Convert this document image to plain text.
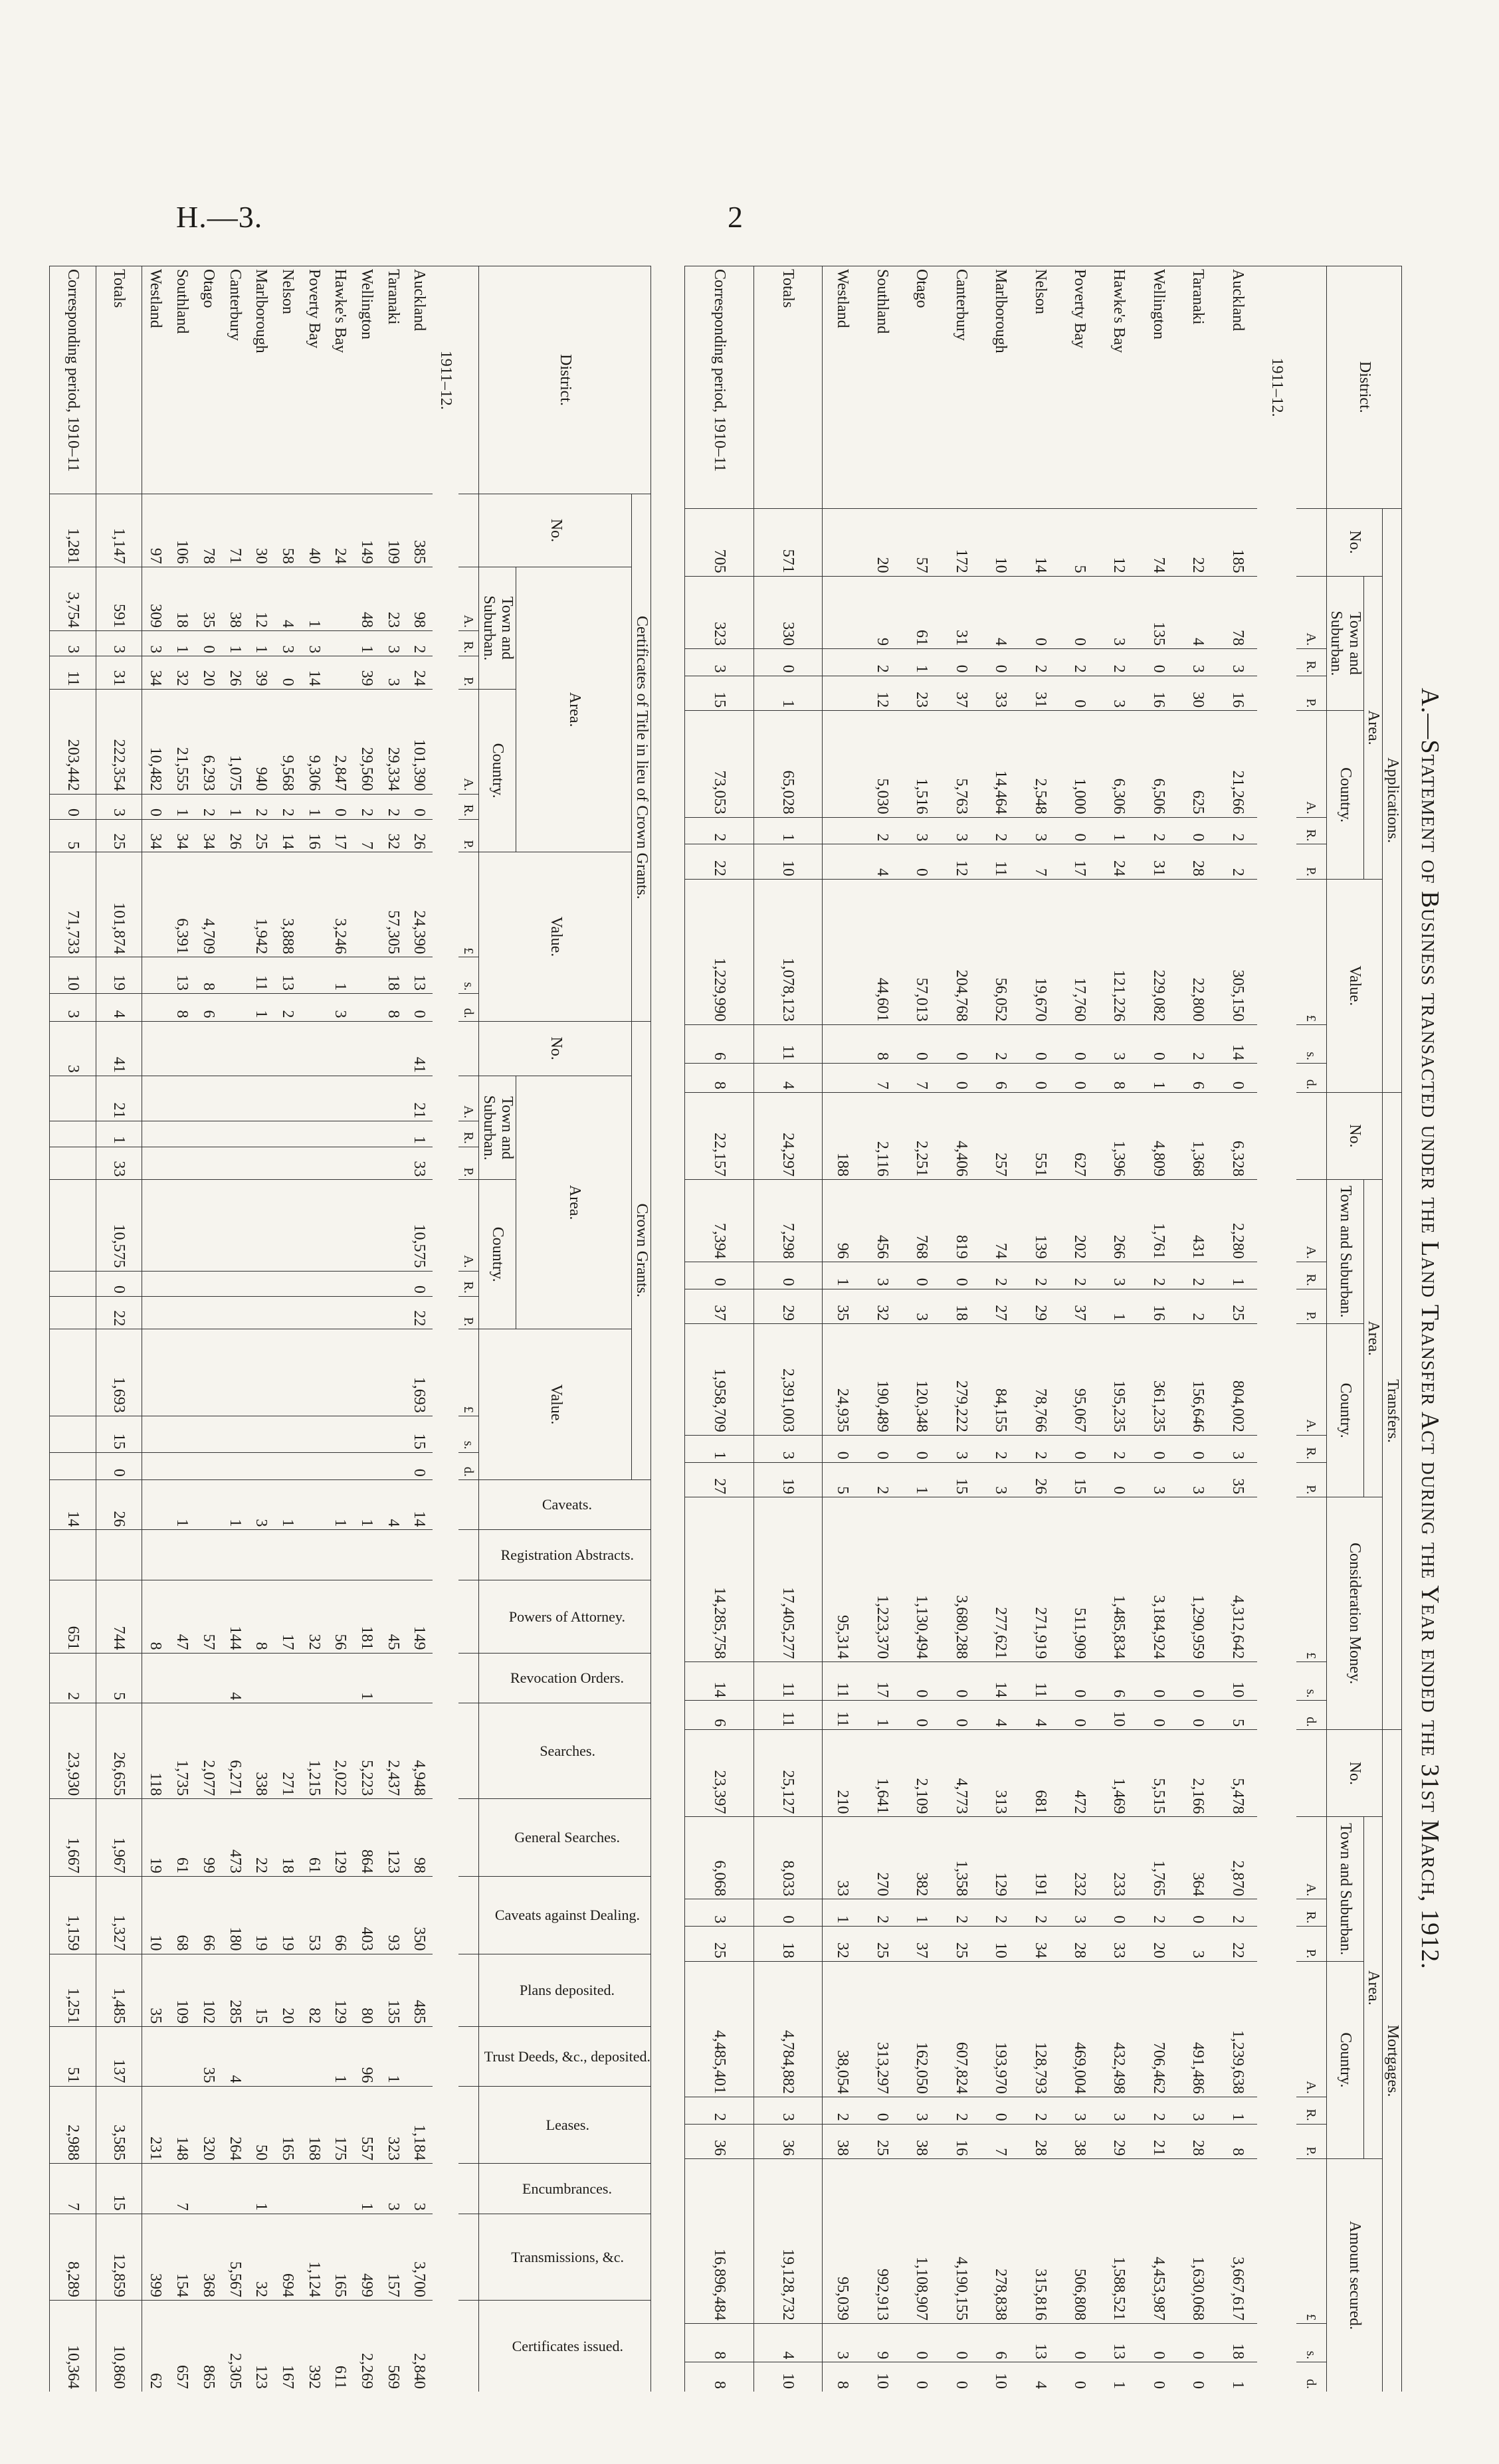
H.—3.	2
A.—Statement of Business transacted under the Land Transfer Act during the Year ended the 31st March, 1912.
District.	Applications.										Transfers.										Mortgages.									
	No.	Area.						Value.			No.	Area.						Consideration Money.			No.	Area.						Amount secured.		
		Town and Suburban.			Country.							Town and Suburban.			Country.							Town and Suburban.			Country.					
		A.	R.	P.	A.	R.	P.	£	s.	d.		A.	R.	P.	A.	R.	P.	£	s.	d.		A.	R.	P.	A.	R.	P.	£	s.	d.
1911–12.																														
Auckland	185	78	3	16	21,266	2	2	305,150	14	0	6,328	2,280	1	25	804,002	3	35	4,312,642	10	5	5,478	2,870	2	22	1,239,638	1	8	3,667,617	18	1
Taranaki	22	4	3	30	625	0	28	22,800	2	6	1,368	431	2	2	156,646	0	3	1,290,959	0	0	2,166	364	0	3	491,486	3	28	1,630,068	0	0
Wellington	74	135	0	16	6,506	2	31	229,082	0	1	4,809	1,761	2	16	361,235	0	3	3,184,924	0	0	5,515	1,765	2	20	706,462	2	21	4,453,987	0	0
Hawke's Bay	12	3	2	3	6,306	1	24	121,226	3	8	1,396	266	3	1	195,235	2	0	1,485,834	6	10	1,469	233	0	33	432,498	3	29	1,588,521	13	1
Poverty Bay	5	0	2	0	1,000	0	17	17,760	0	0	627	202	2	37	95,067	0	15	511,909	0	0	472	232	3	28	469,004	3	38	506,808	0	0
Nelson	14	0	2	31	2,548	3	7	19,670	0	0	551	139	2	29	78,766	2	26	271,919	11	4	681	191	2	34	128,793	2	28	315,816	13	4
Marlborough	10	4	0	33	14,464	2	11	56,052	2	6	257	74	2	27	84,155	2	3	277,621	14	4	313	129	2	10	193,970	0	7	278,838	6	10
Canterbury	172	31	0	37	5,763	3	12	204,768	0	0	4,406	819	0	18	279,222	3	15	3,680,288	0	0	4,773	1,358	2	25	607,824	2	16	4,190,155	0	0
Otago	57	61	1	23	1,516	3	0	57,013	0	7	2,251	768	0	3	120,348	0	1	1,130,494	0	0	2,109	382	1	37	162,050	3	38	1,108,907	0	0
Southland	20	9	2	12	5,030	2	4	44,601	8	7	2,116	456	3	32	190,489	0	2	1,223,370	17	1	1,641	270	2	25	313,297	0	25	992,913	9	10
Westland											188	96	1	35	24,935	0	5	95,314	11	11	210	33	1	32	38,054	2	38	95,039	3	8
Totals	571	330	0	1	65,028	1	10	1,078,123	11	4	24,297	7,298	0	29	2,391,003	3	19	17,405,277	11	11	25,127	8,033	0	18	4,784,882	3	36	19,128,732	4	10
Corresponding period, 1910–11	705	323	3	15	73,053	2	22	1,229,990	6	8	22,157	7,394	0	37	1,958,709	1	27	14,285,758	14	6	23,397	6,068	3	25	4,485,401	2	36	16,896,484	8	8
District.	Certificates of Title in lieu of Crown Grants.										Crown Grants.										Caveats.	Registration Abstracts.	Powers of Attorney.	Revocation Orders.	Searches.	General Searches.	Caveats against Dealing.	Plans deposited.	Trust Deeds, &c., deposited.	Leases.	Encumbrances.	Transmissions, &c.	Certificates issued.
	No.	Area.						Value.			No.	Area.						Value.															
		Town and Suburban.			Country.							Town and Suburban.			Country.																		
		A.	R.	P.	A.	R.	P.	£	s.	d.		A.	R.	P.	A.	R.	P.	£	s.	d.													
1911–12.																																	
Auckland	385	98	2	24	101,390	0	26	24,390	13	0	41	21	1	33	10,575	0	22	1,693	15	0	14		149		4,948	98	350	485		1,184	3	3,700	2,840
Taranaki	109	23	3	3	29,334	2	32	57,305	18	8											4		45		2,437	123	93	135	1	323	3	157	569
Wellington	149	48	1	39	29,560	2	7														1		181	1	5,223	864	403	80	96	557	1	499	2,269
Hawke's Bay	24				2,847	0	17	3,246	1	3											1		56		2,022	129	66	129	1	175		165	611
Poverty Bay	40	1	3	14	9,306	1	16																32		1,215	61	53	82		168		1,124	392
Nelson	58	4	3	0	9,568	2	14	3,888	13	2											1		17		271	18	19	20		165		694	167
Marlborough	30	12	1	39	940	2	25	1,942	11	1											3		8		338	22	19	15		50	1	32	123
Canterbury	71	38	1	26	1,075	1	26														1		144	4	6,271	473	180	285	4	264		5,567	2,305
Otago	78	35	0	20	6,293	2	34	4,709	8	6													57		2,077	99	66	102	35	320		368	865
Southland	106	18	1	32	21,555	1	34	6,391	13	8											1		47		1,735	61	68	109		148	7	154	657
Westland	97	309	3	34	10,482	0	34																8		118	19	10	35		231		399	62
Totals	1,147	591	3	31	222,354	3	25	101,874	19	4	41	21	1	33	10,575	0	22	1,693	15	0	26		744	5	26,655	1,967	1,327	1,485	137	3,585	15	12,859	10,860
Corresponding period, 1910–11	1,281	3,754	3	11	203,442	0	5	71,733	10	3	3										14		651	2	23,930	1,667	1,159	1,251	51	2,988	7	8,289	10,364
